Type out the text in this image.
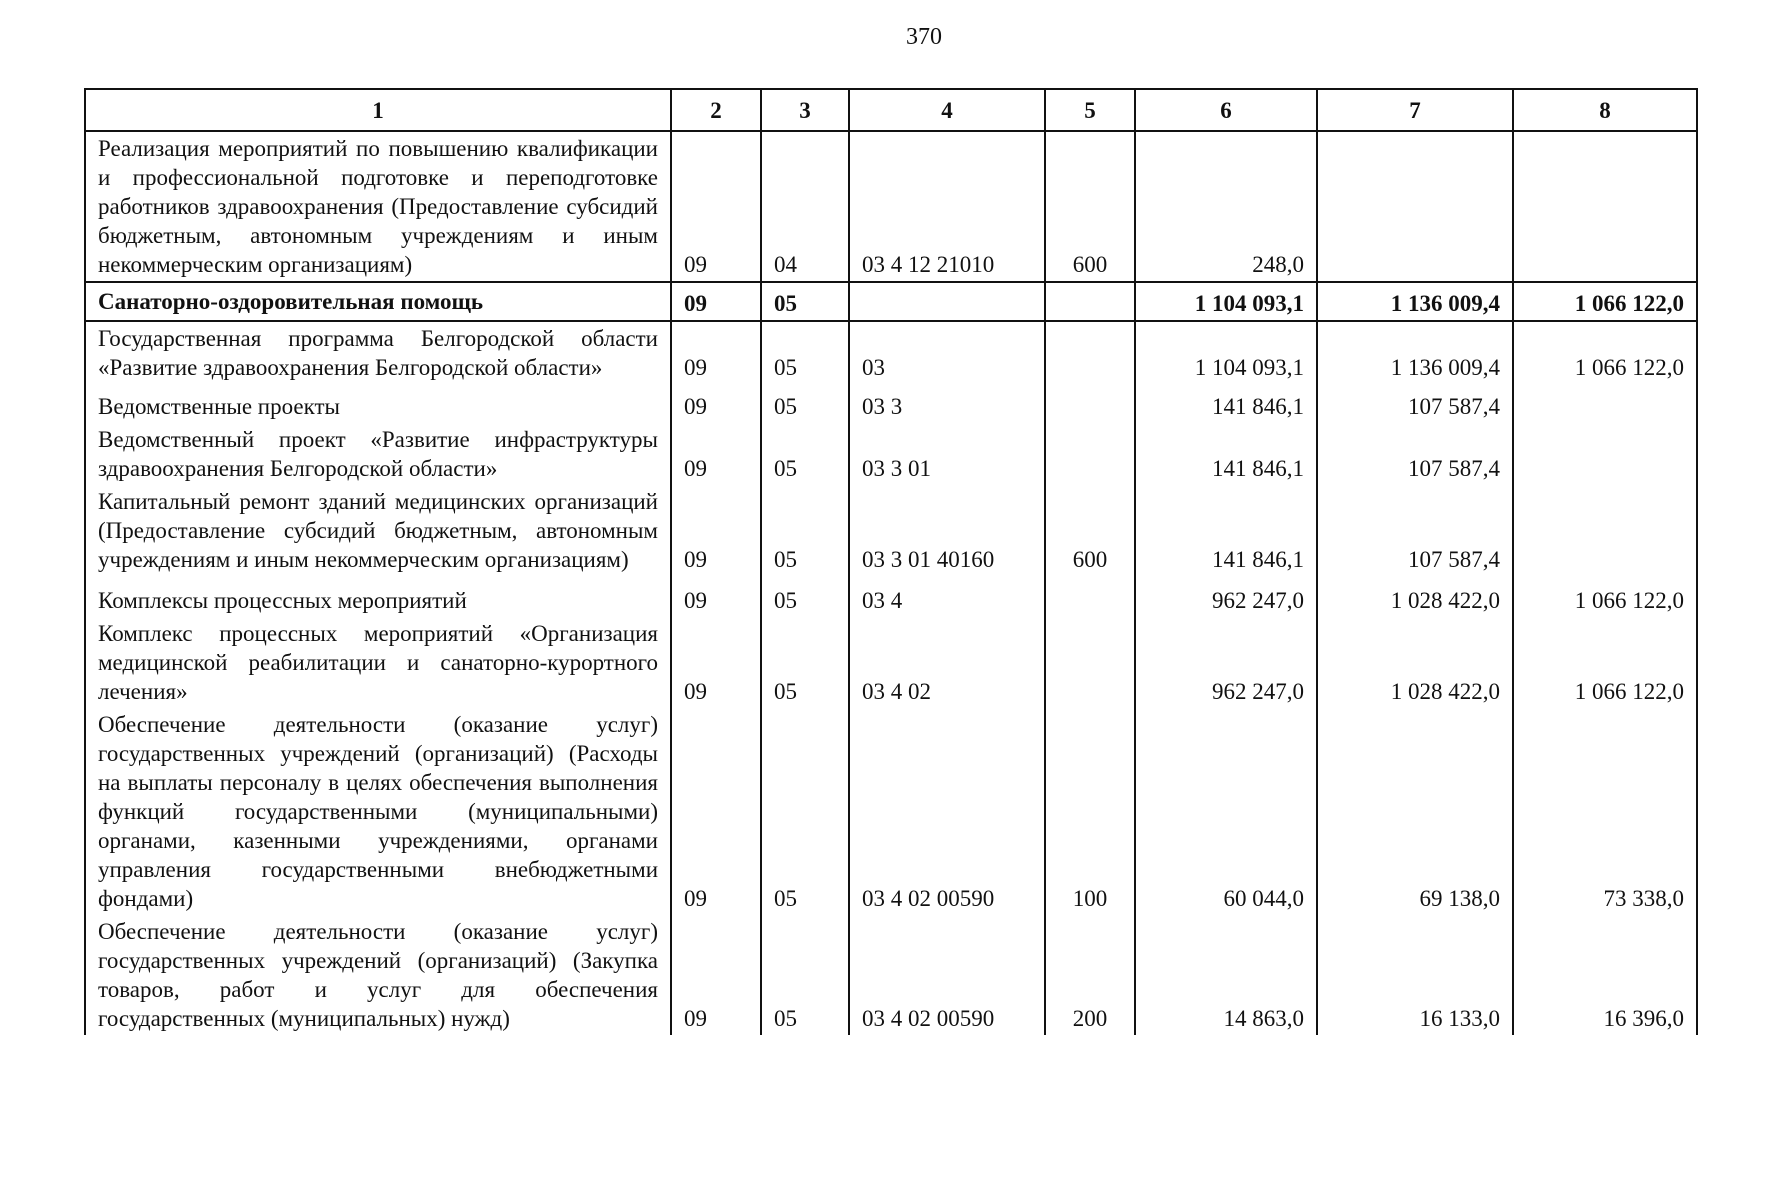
370
1	2	3	4	5	6	7	8
Реализация мероприятий по повышению квалификации и профессиональной подготовке и переподготовке работников здравоохранения (Предоставление субсидий бюджетным, автономным учреждениям и иным некоммерческим организациям)	09	04	03 4 12 21010	600	248,0		
Санаторно-оздоровительная помощь	09	05			1 104 093,1	1 136 009,4	1 066 122,0
Государственная программа Белгородской области «Развитие здравоохранения Белгородской области»	09	05	03		1 104 093,1	1 136 009,4	1 066 122,0
Ведомственные проекты	09	05	03 3		141 846,1	107 587,4	
Ведомственный проект «Развитие инфраструктуры здравоохранения Белгородской области»	09	05	03 3 01		141 846,1	107 587,4	
Капитальный ремонт зданий медицинских организаций (Предоставление субсидий бюджетным, автономным учреждениям и иным некоммерческим организациям)	09	05	03 3 01 40160	600	141 846,1	107 587,4	
Комплексы процессных мероприятий	09	05	03 4		962 247,0	1 028 422,0	1 066 122,0
Комплекс процессных мероприятий «Организация медицинской реабилитации и санаторно-курортного лечения»	09	05	03 4 02		962 247,0	1 028 422,0	1 066 122,0
Обеспечение деятельности (оказание услуг) государственных учреждений (организаций) (Расходы на выплаты персоналу в целях обеспечения выполнения функций государственными (муниципальными) органами, казенными учреждениями, органами управления государственными внебюджетными фондами)	09	05	03 4 02 00590	100	60 044,0	69 138,0	73 338,0
Обеспечение деятельности (оказание услуг) государственных учреждений (организаций) (Закупка товаров, работ и услуг для обеспечения государственных (муниципальных) нужд)	09	05	03 4 02 00590	200	14 863,0	16 133,0	16 396,0
